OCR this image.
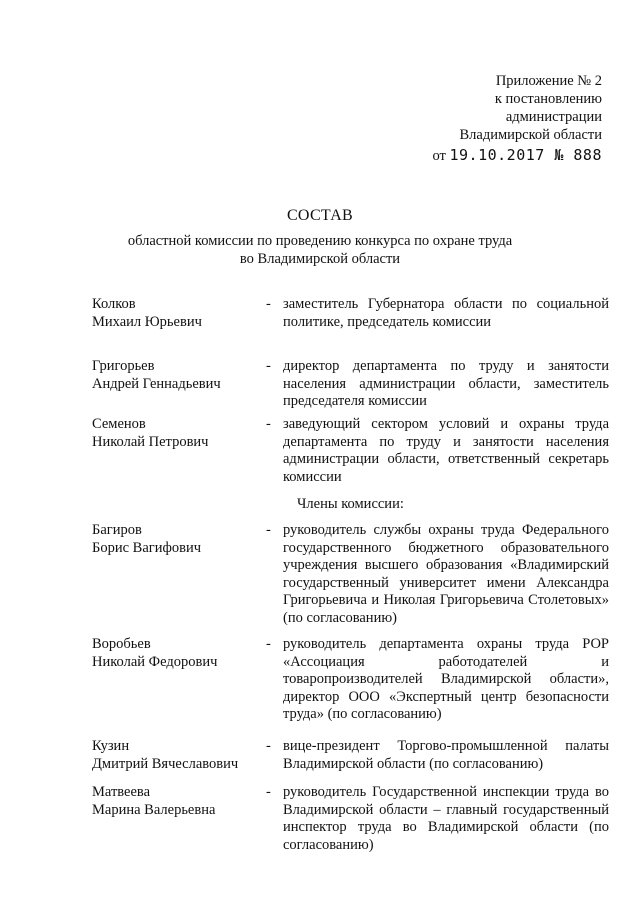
Приложение № 2
к постановлению
администрации
Владимирской области
от 19.10.2017 № 888
СОСТАВ
областной комиссии по проведению конкурса по охране труда
во Владимирской области
Колков
Михаил Юрьевич
- заместитель Губернатора области по социальной политике, председатель комиссии
Григорьев
Андрей Геннадьевич
- директор департамента по труду и занятости населения администрации области, заместитель председателя комиссии
Семенов
Николай Петрович
- заведующий сектором условий и охраны труда департамента по труду и занятости населения администрации области, ответственный секретарь комиссии
Члены комиссии:
Багиров
Борис Вагифович
- руководитель службы охраны труда Федерального государственного бюджетного образовательного учреждения высшего образования «Владимирский государственный университет имени Александра Григорьевича и Николая Григорьевича Столетовых» (по согласованию)
Воробьев
Николай Федорович
- руководитель департамента охраны труда РОР «Ассоциация работодателей и товаропроизводителей Владимирской области», директор ООО «Экспертный центр безопасности труда» (по согласованию)
Кузин
Дмитрий Вячеславович
- вице-президент Торгово-промышленной палаты Владимирской области (по согласованию)
Матвеева
Марина Валерьевна
- руководитель Государственной инспекции труда во Владимирской области – главный государственный инспектор труда во Владимирской области (по согласованию)
